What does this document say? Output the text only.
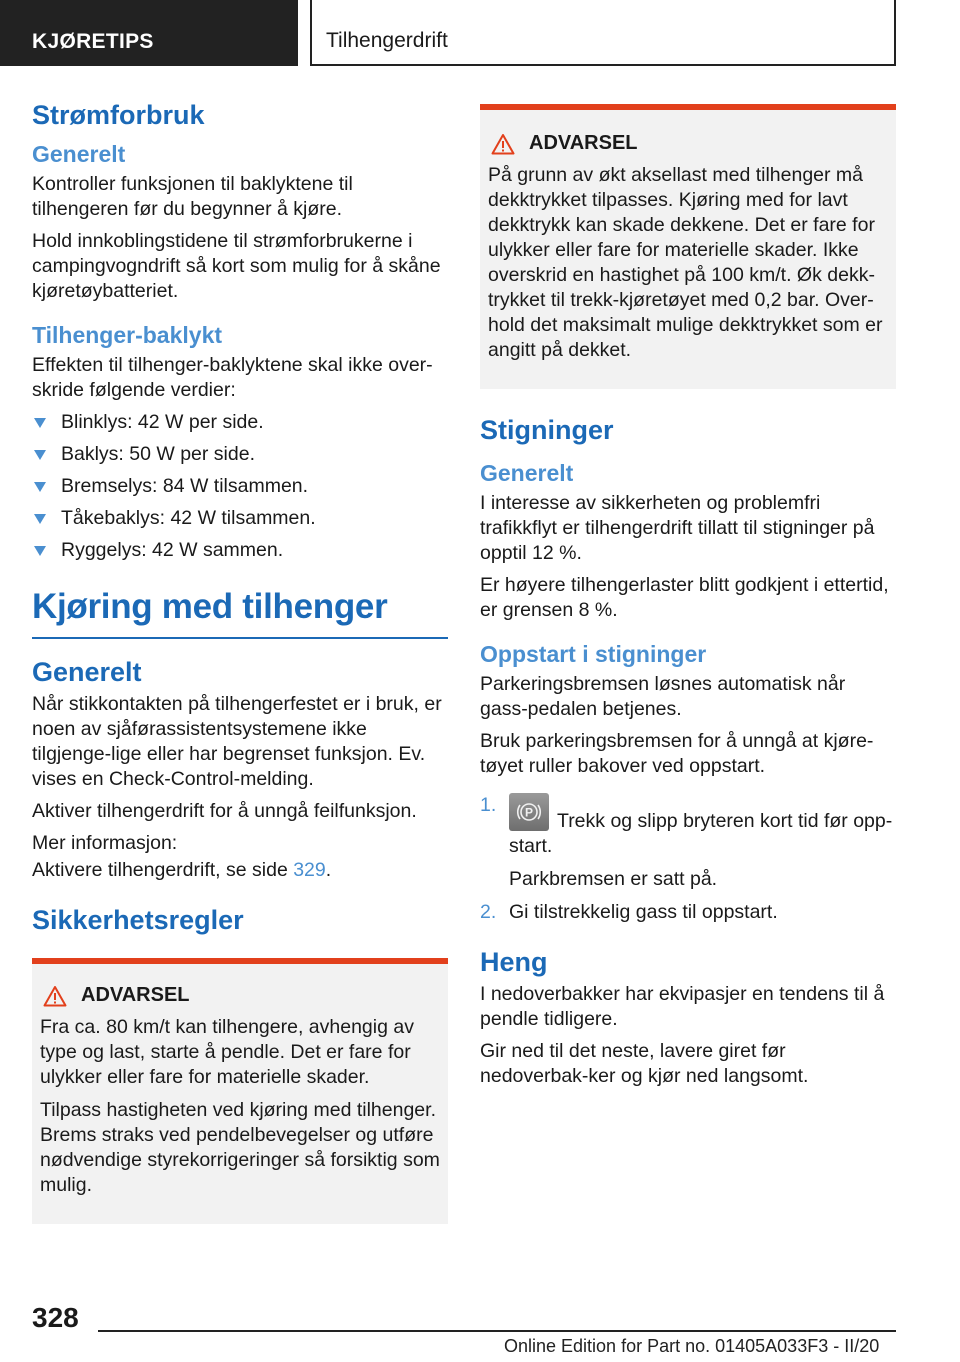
KJØRETIPS	Tilhengerdrift
Strømforbruk
Generelt

Kontroller funksjonen til baklyktene til tilhengeren før du begynner å kjøre.

Hold innkoblingstidene til strømforbrukerne i campingvogndrift så kort som mulig for å skåne kjøretøybatteriet.

Tilhenger-baklykt

Effekten til tilhenger-baklyktene skal ikke over-skride følgende verdier:

Blinklys: 42 W per side.
Baklys: 50 W per side.
Bremselys: 84 W tilsammen.
Tåkebaklys: 42 W tilsammen.
Ryggelys: 42 W sammen.
Kjøring med tilhenger
Generelt

Når stikkontakten på tilhengerfestet er i bruk, er noen av sjåførassistentsystemene ikke tilgjenge-lige eller har begrenset funksjon. Ev. vises en Check-Control-melding.

Aktiver tilhengerdrift for å unngå feilfunksjon.

Mer informasjon:

Aktivere tilhengerdrift, se side 329.

Sikkerhetsregler
ADVARSEL

Fra ca. 80 km/t kan tilhengere, avhengig av type og last, starte å pendle. Det er fare for ulykker eller fare for materielle skader.

Tilpass hastigheten ved kjøring med tilhenger. Brems straks ved pendelbevegelser og utføre nødvendige styrekorrigeringer så forsiktig som mulig.

ADVARSEL

På grunn av økt aksellast med tilhenger må dekktrykket tilpasses. Kjøring med for lavt dekktrykk kan skade dekkene. Det er fare for ulykker eller fare for materielle skader. Ikke overskrid en hastighet på 100 km/t. Øk dekk-trykket til trekk-kjøretøyet med 0,2 bar. Over-hold det maksimalt mulige dekktrykket som er angitt på dekket.

Stigninger
Generelt

I interesse av sikkerheten og problemfri trafikkflyt er tilhengerdrift tillatt til stigninger på opptil 12 %.

Er høyere tilhengerlaster blitt godkjent i ettertid, er grensen 8 %.

Oppstart i stigninger

Parkeringsbremsen løsnes automatisk når gass-pedalen betjenes.

Bruk parkeringsbremsen for å unngå at kjøre-tøyet ruller bakover ved oppstart.

1. P Trekk og slipp bryteren kort tid før opp-start.
Parkbremsen er satt på.
2. Gi tilstrekkelig gass til oppstart.
Heng

I nedoverbakker har ekvipasjer en tendens til å pendle tidligere.

Gir ned til det neste, lavere giret før nedoverbak-ker og kjør ned langsomt.

328
Online Edition for Part no. 01405A033F3 - II/20
